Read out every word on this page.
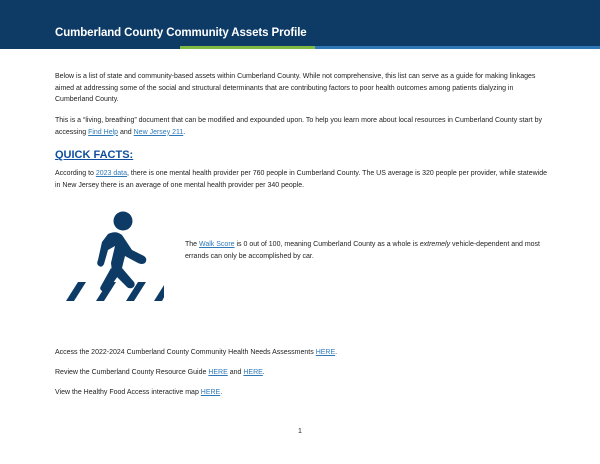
Cumberland County Community Assets Profile
Below is a list of state and community-based assets within Cumberland County. While not comprehensive, this list can serve as a guide for making linkages aimed at addressing some of the social and structural determinants that are contributing factors to poor health outcomes among patients dialyzing in Cumberland County.
This is a “living, breathing” document that can be modified and expounded upon. To help you learn more about local resources in Cumberland County start by accessing Find Help and New Jersey 211.
QUICK FACTS:
According to 2023 data, there is one mental health provider per 760 people in Cumberland County. The US average is 320 people per provider, while statewide in New Jersey there is an average of one mental health provider per 340 people.
The Walk Score is 0 out of 100, meaning Cumberland County as a whole is extremely vehicle-dependent and most errands can only be accomplished by car.
Access the 2022-2024 Cumberland County Community Health Needs Assessments HERE.
Review the Cumberland County Resource Guide HERE and HERE.
View the Healthy Food Access interactive map HERE.
1
